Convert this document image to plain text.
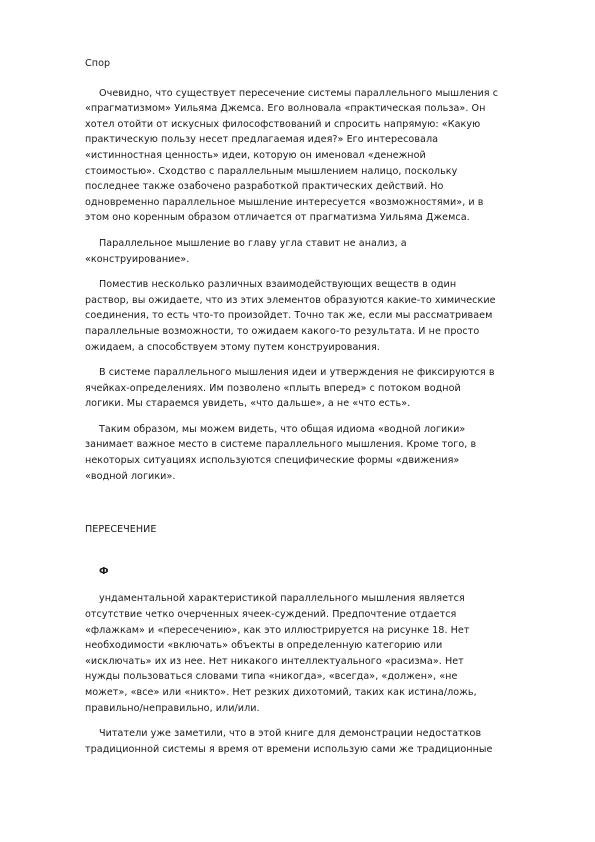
Спор

Очевидно, что существует пересечение системы параллельного мышления с
«прагматизмом» Уильяма Джемса. Его волновала «практическая польза». Он
хотел отойти от искусных философствований и спросить напрямую: «Какую
практическую пользу несет предлагаемая идея?» Его интересовала
«истинностная ценность» идеи, которую он именовал «денежной
стоимостью». Сходство с параллельным мышлением налицо, поскольку
последнее также озабочено разработкой практических действий. Но
одновременно параллельное мышление интересуется «возможностями», и в
этом оно коренным образом отличается от прагматизма Уильяма Джемса.

Параллельное мышление во главу угла ставит не анализ, а
«конструирование».

Поместив несколько различных взаимодействующих веществ в один
раствор, вы ожидаете, что из этих элементов образуются какие-то химические
соединения, то есть что-то произойдет. Точно так же, если мы рассматриваем
параллельные возможности, то ожидаем какого-то результата. И не просто
ожидаем, а способствуем этому путем конструирования.

В системе параллельного мышления идеи и утверждения не фиксируются в
ячейках-определениях. Им позволено «плыть вперед» с потоком водной
логики. Мы стараемся увидеть, «что дальше», а не «что есть».

Таким образом, мы можем видеть, что общая идиома «водной логики»
занимает важное место в системе параллельного мышления. Кроме того, в
некоторых ситуациях используются специфические формы «движения»
«водной логики».

ПЕРЕСЕЧЕНИЕ

Ф

ундаментальной характеристикой параллельного мышления является
отсутствие четко очерченных ячеек-суждений. Предпочтение отдается
«флажкам» и «пересечению», как это иллюстрируется на рисунке 18. Нет
необходимости «включать» объекты в определенную категорию или
«исключать» их из нее. Нет никакого интеллектуального «расизма». Нет
нужды пользоваться словами типа «никогда», «всегда», «должен», «не
может», «все» или «никто». Нет резких дихотомий, таких как истина/ложь,
правильно/неправильно, или/или.

Читатели уже заметили, что в этой книге для демонстрации недостатков
традиционной системы я время от времени использую сами же традиционные
